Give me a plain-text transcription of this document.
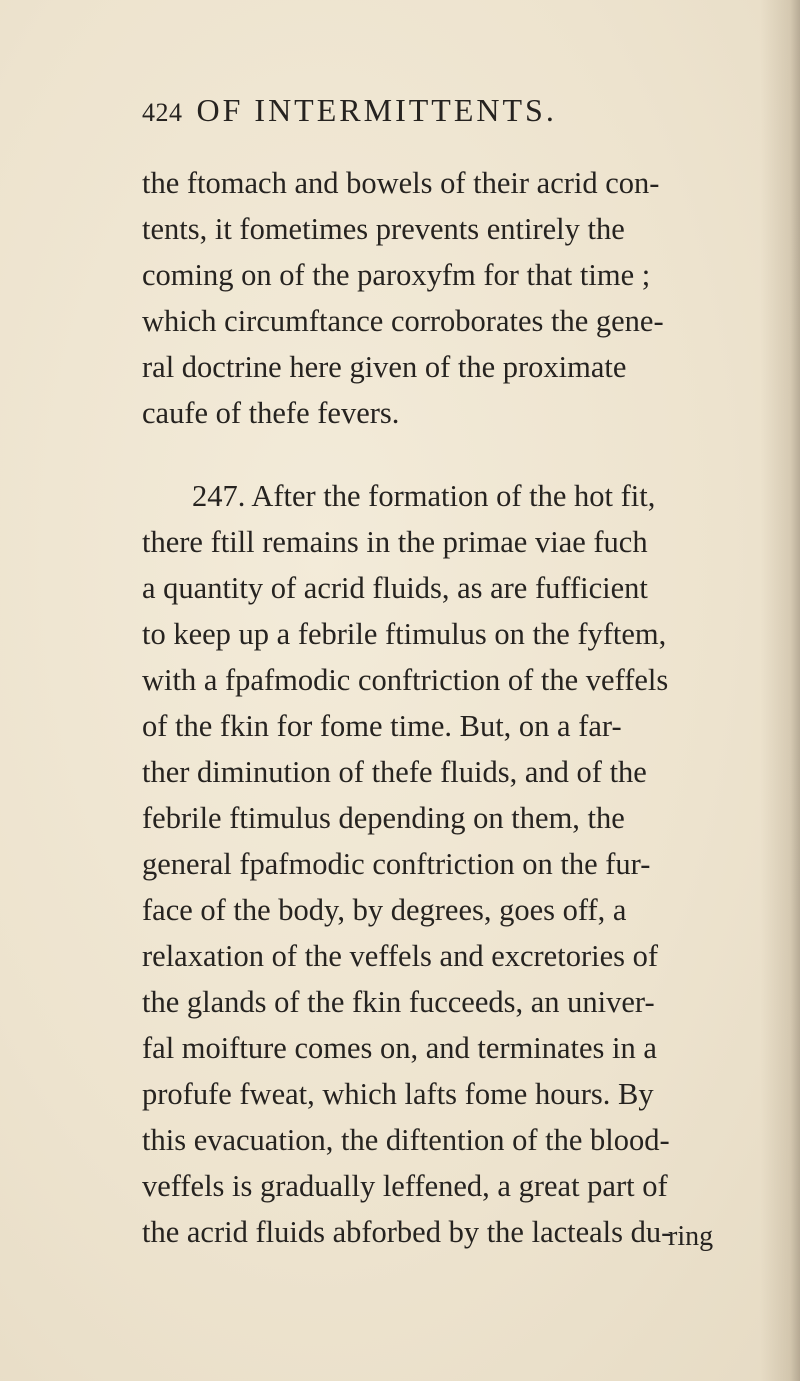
424 OF INTERMITTENTS.
the ftomach and bowels of their acrid con-
tents, it fometimes prevents entirely the
coming on of the paroxyfm for that time ;
which circumftance corroborates the gene-
ral doctrine here given of the proximate
caufe of thefe fevers.
247. After the formation of the hot fit,
there ftill remains in the primae viae fuch
a quantity of acrid fluids, as are fufficient
to keep up a febrile ftimulus on the fyftem,
with a fpafmodic conftriction of the veffels
of the fkin for fome time. But, on a far-
ther diminution of thefe fluids, and of the
febrile ftimulus depending on them, the
general fpafmodic conftriction on the fur-
face of the body, by degrees, goes off, a
relaxation of the veffels and excretories of
the glands of the fkin fucceeds, an univer-
fal moifture comes on, and terminates in a
profufe fweat, which lafts fome hours. By
this evacuation, the diftention of the blood-
veffels is gradually leffened, a great part of
the acrid fluids abforbed by the lacteals du-
ring
